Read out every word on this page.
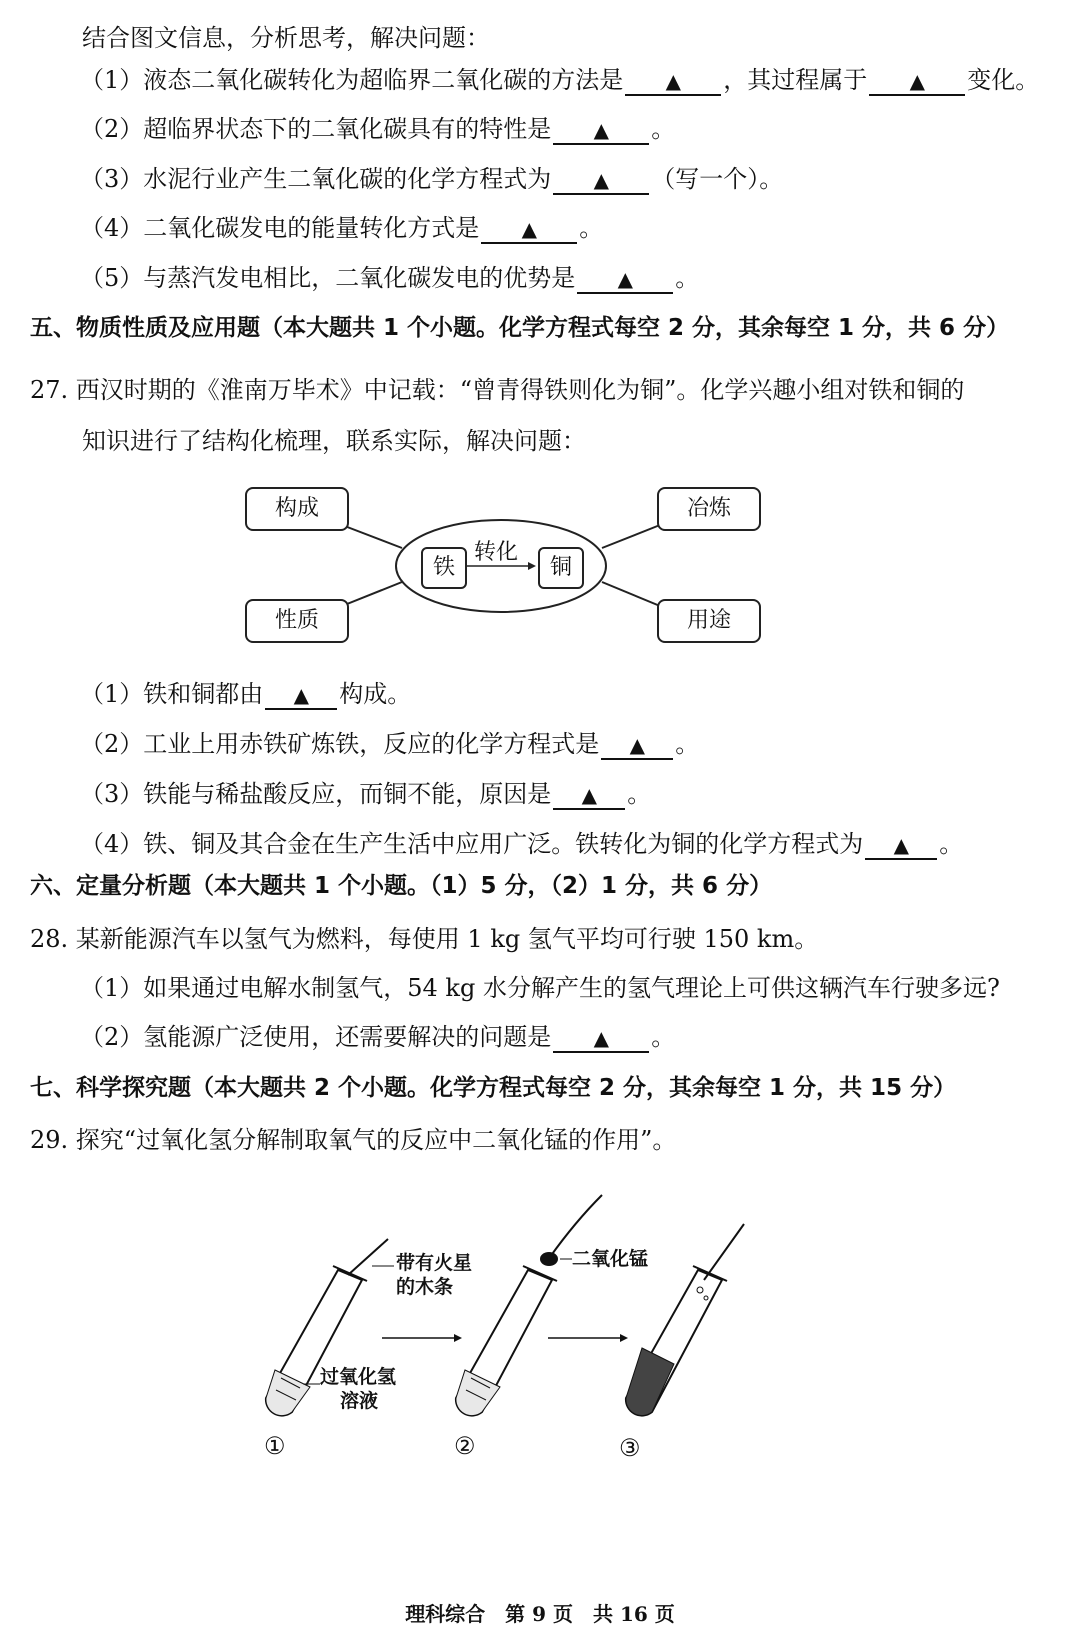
结合图文信息，分析思考，解决问题：
（1）液态二氧化碳转化为超临界二氧化碳的方法是 ▲ ，其过程属于 ▲ 变化。
（2）超临界状态下的二氧化碳具有的特性是 ▲ 。
（3）水泥行业产生二氧化碳的化学方程式为 ▲ （写一个）。
（4）二氧化碳发电的能量转化方式是 ▲ 。
（5）与蒸汽发电相比，二氧化碳发电的优势是 ▲ 。
五、物质性质及应用题（本大题共 1 个小题。化学方程式每空 2 分，其余每空 1 分，共 6 分）
27. 西汉时期的《淮南万毕术》中记载：“曾青得铁则化为铜”。化学兴趣小组对铁和铜的
知识进行了结构化梳理，联系实际，解决问题：
构成
性质
冶炼
用途
铁	铜
转化
（1）铁和铜都由 ▲ 构成。
（2）工业上用赤铁矿炼铁，反应的化学方程式是 ▲ 。
（3）铁能与稀盐酸反应，而铜不能，原因是 ▲ 。
（4）铁、铜及其合金在生产生活中应用广泛。铁转化为铜的化学方程式为 ▲ 。
六、定量分析题（本大题共 1 个小题。（1）5 分，（2）1 分，共 6 分）
28. 某新能源汽车以氢气为燃料，每使用 1 kg 氢气平均可行驶 150 km。
（1）如果通过电解水制氢气，54 kg 水分解产生的氢气理论上可供这辆汽车行驶多远?
（2）氢能源广泛使用，还需要解决的问题是 ▲ 。
七、科学探究题（本大题共 2 个小题。化学方程式每空 2 分，其余每空 1 分，共 15 分）
29. 探究“过氧化氢分解制取氧气的反应中二氧化锰的作用”。
带有火星
的木条
二氧化锰
过氧化氢
溶液
①	②	③
理科综合　第 9 页　共 16 页
